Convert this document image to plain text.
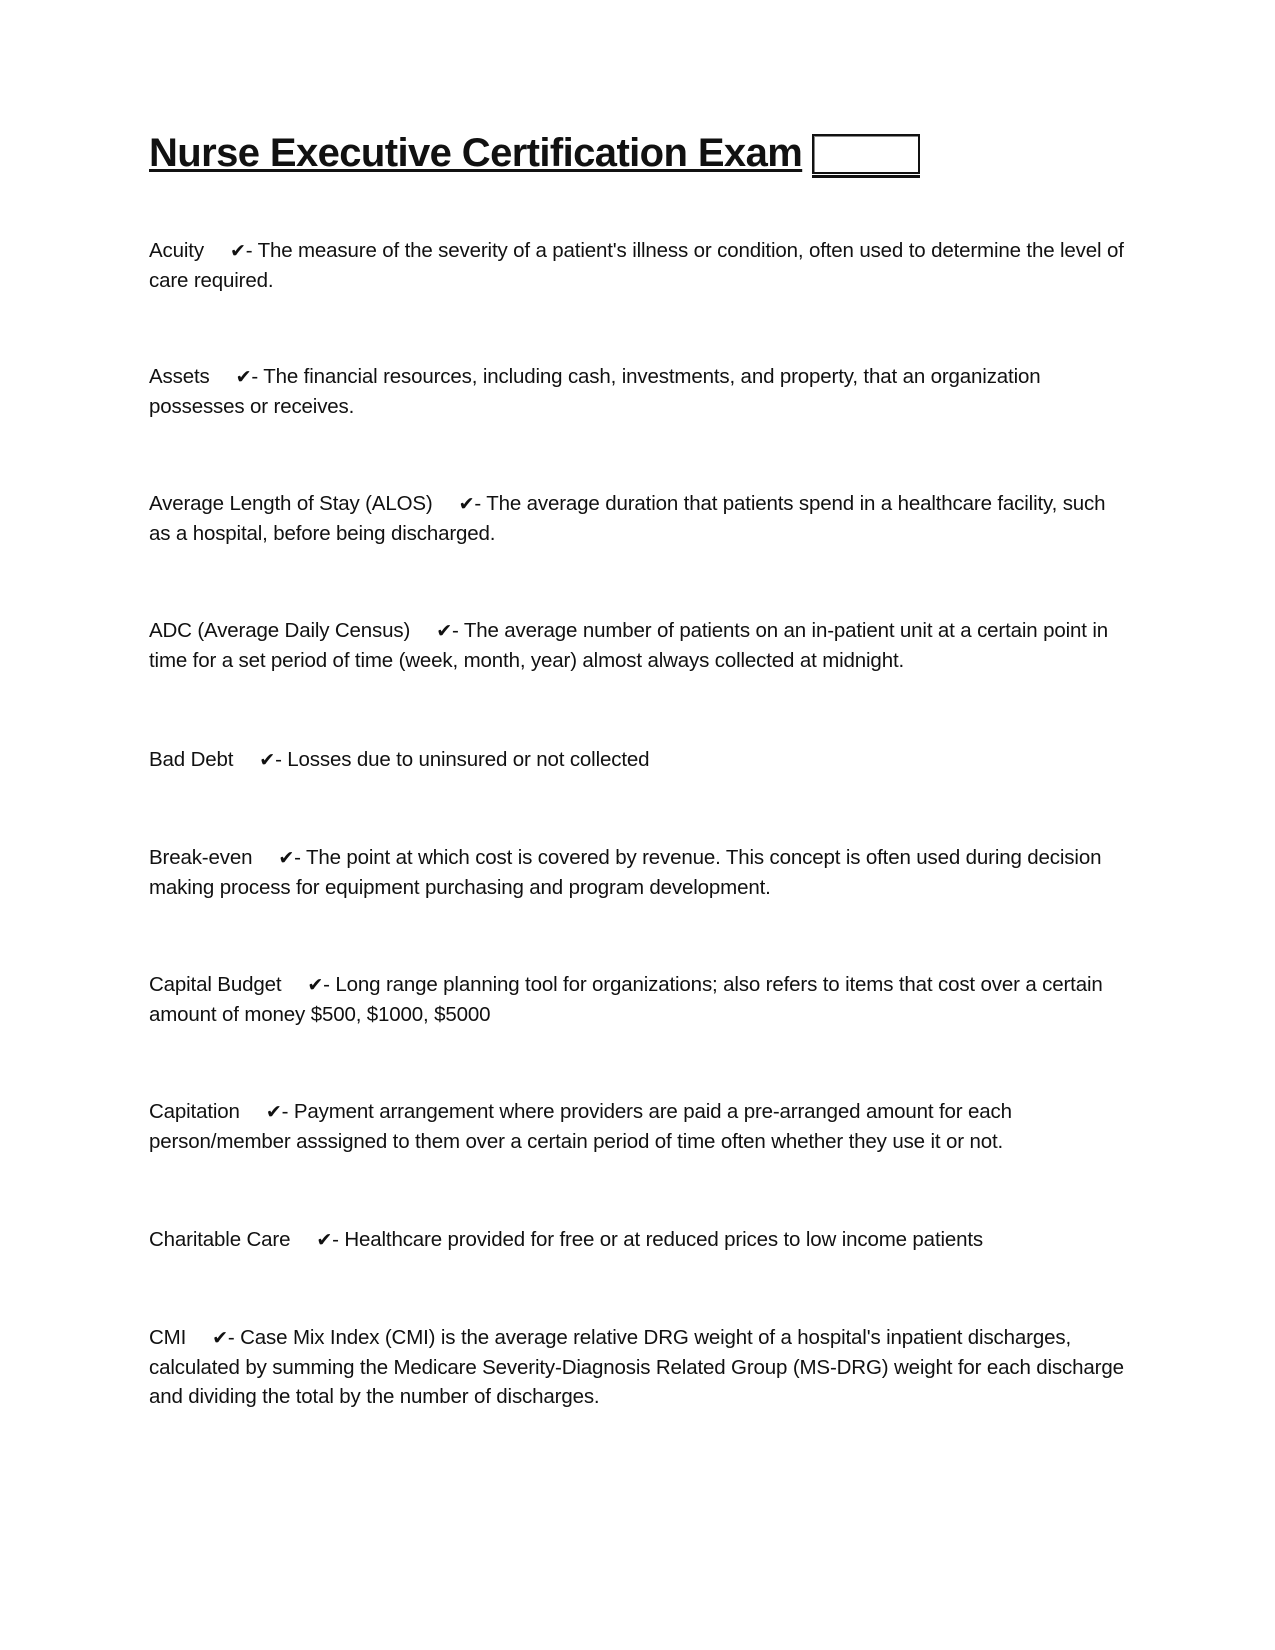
Nurse Executive Certification Exam
Acuity ✔- The measure of the severity of a patient's illness or condition, often used to determine the level of care required.
Assets ✔- The financial resources, including cash, investments, and property, that an organization possesses or receives.
Average Length of Stay (ALOS) ✔- The average duration that patients spend in a healthcare facility, such as a hospital, before being discharged.
ADC (Average Daily Census) ✔- The average number of patients on an in-patient unit at a certain point in time for a set period of time (week, month, year) almost always collected at midnight.
Bad Debt ✔- Losses due to uninsured or not collected
Break-even ✔- The point at which cost is covered by revenue. This concept is often used during decision making process for equipment purchasing and program development.
Capital Budget ✔- Long range planning tool for organizations; also refers to items that cost over a certain amount of money $500, $1000, $5000
Capitation ✔- Payment arrangement where providers are paid a pre-arranged amount for each person/member asssigned to them over a certain period of time often whether they use it or not.
Charitable Care ✔- Healthcare provided for free or at reduced prices to low income patients
CMI ✔- Case Mix Index (CMI) is the average relative DRG weight of a hospital's inpatient discharges, calculated by summing the Medicare Severity-Diagnosis Related Group (MS-DRG) weight for each discharge and dividing the total by the number of discharges.
